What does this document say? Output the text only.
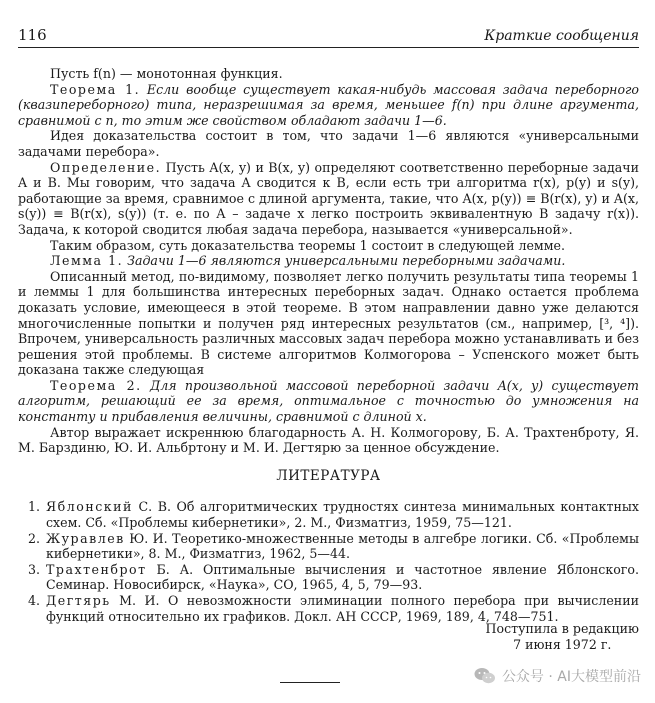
116	Краткие сообщения

Пусть f(n) — монотонная функция.

Теорема 1. Если вообще существует какая-нибудь массовая задача переборного (квазипереборного) типа, неразрешимая за время, меньшее f(n) при длине аргумента, сравнимой с n, то этим же свойством обладают задачи 1—6.

Идея доказательства состоит в том, что задачи 1—6 являются «универсальными задачами перебора».

Определение. Пусть A(x, y) и B(x, y) определяют соответственно переборные задачи A и B. Мы говорим, что задача A сводится к B, если есть три алгоритма r(x), p(y) и s(y), работающие за время, сравнимое с длиной аргумента, такие, что A(x, p(y)) ≡ B(r(x), y) и A(x, s(y)) ≡ B(r(x), s(y)) (т. е. по A – задаче x легко построить эквивалентную B задачу r(x)). Задача, к которой сводится любая задача перебора, называется «универсальной».

Таким образом, суть доказательства теоремы 1 состоит в следующей лемме.

Лемма 1. Задачи 1—6 являются универсальными переборными задачами.

Описанный метод, по-видимому, позволяет легко получить результаты типа теоремы 1 и леммы 1 для большинства интересных переборных задач. Однако остается проблема доказать условие, имеющееся в этой теореме. В этом направлении давно уже делаются многочисленные попытки и получен ряд интересных результатов (см., например, [³, ⁴]). Впрочем, универсальность различных массовых задач перебора можно устанавливать и без решения этой проблемы. В системе алгоритмов Колмогорова – Успенского может быть доказана также следующая

Теорема 2. Для произвольной массовой переборной задачи A(x, y) существует алгоритм, решающий ее за время, оптимальное с точностью до умножения на константу и прибавления величины, сравнимой с длиной x.

Автор выражает искреннюю благодарность А. Н. Колмогорову, Б. А. Трахтенброту, Я. М. Барздиню, Ю. И. Альбртону и М. И. Дегтярю за ценное обсуждение.

ЛИТЕРАТУРА
1. Яблонский С. В. Об алгоритмических трудностях синтеза минимальных контактных схем. Сб. «Проблемы кибернетики», 2. М., Физматгиз, 1959, 75—121.
2. Журавлев Ю. И. Теоретико-множественные методы в алгебре логики. Сб. «Проблемы кибернетики», 8. М., Физматгиз, 1962, 5—44.
3. Трахтенброт Б. А. Оптимальные вычисления и частотное явление Яблонского. Семинар. Новосибирск, «Наука», СО, 1965, 4, 5, 79—93.
4. Дегтярь М. И. О невозможности элиминации полного перебора при вычислении функций относительно их графиков. Докл. АН СССР, 1969, 189, 4, 748—751.
Поступила в редакцию
7 июня 1972 г.
公众号 · AI大模型前沿
